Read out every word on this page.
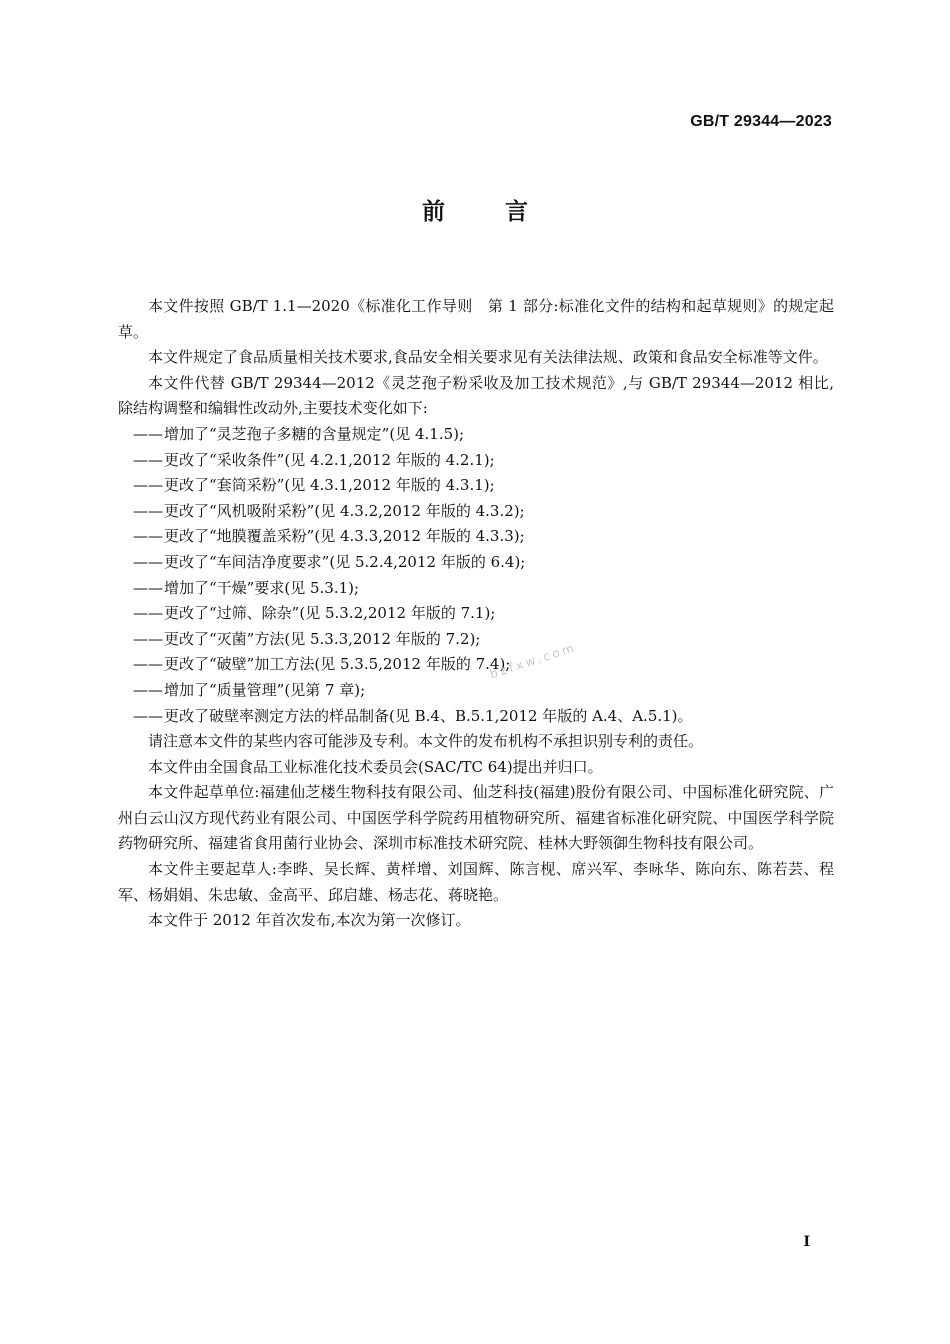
GB/T 29344—2023
前 言

本文件按照 GB/T 1.1—2020《标准化工作导则　第 1 部分:标准化文件的结构和起草规则》的规定起草。

本文件规定了食品质量相关技术要求,食品安全相关要求见有关法律法规、政策和食品安全标准等文件。

本文件代替 GB/T 29344—2012《灵芝孢子粉采收及加工技术规范》,与 GB/T 29344—2012 相比,除结构调整和编辑性改动外,主要技术变化如下:

——增加了“灵芝孢子多糖的含量规定”(见 4.1.5);
——更改了“采收条件”(见 4.2.1,2012 年版的 4.2.1);
——更改了“套筒采粉”(见 4.3.1,2012 年版的 4.3.1);
——更改了“风机吸附采粉”(见 4.3.2,2012 年版的 4.3.2);
——更改了“地膜覆盖采粉”(见 4.3.3,2012 年版的 4.3.3);
——更改了“车间洁净度要求”(见 5.2.4,2012 年版的 6.4);
——增加了“干燥”要求(见 5.3.1);
——更改了“过筛、除杂”(见 5.3.2,2012 年版的 7.1);
——更改了“灭菌”方法(见 5.3.3,2012 年版的 7.2);
——更改了“破壁”加工方法(见 5.3.5,2012 年版的 7.4);
——增加了“质量管理”(见第 7 章);
——更改了破壁率测定方法的样品制备(见 B.4、B.5.1,2012 年版的 A.4、A.5.1)。

请注意本文件的某些内容可能涉及专利。本文件的发布机构不承担识别专利的责任。

本文件由全国食品工业标准化技术委员会(SAC/TC 64)提出并归口。

本文件起草单位:福建仙芝楼生物科技有限公司、仙芝科技(福建)股份有限公司、中国标准化研究院、广州白云山汉方现代药业有限公司、中国医学科学院药用植物研究所、福建省标准化研究院、中国医学科学院药物研究所、福建省食用菌行业协会、深圳市标准技术研究院、桂林大野领御生物科技有限公司。

本文件主要起草人:李晔、吴长辉、黄样增、刘国辉、陈言枧、席兴军、李咏华、陈向东、陈若芸、程军、杨娟娟、朱忠敏、金高平、邱启雄、杨志花、蒋晓艳。

本文件于 2012 年首次发布,本次为第一次修订。

bzfxw.com
I
